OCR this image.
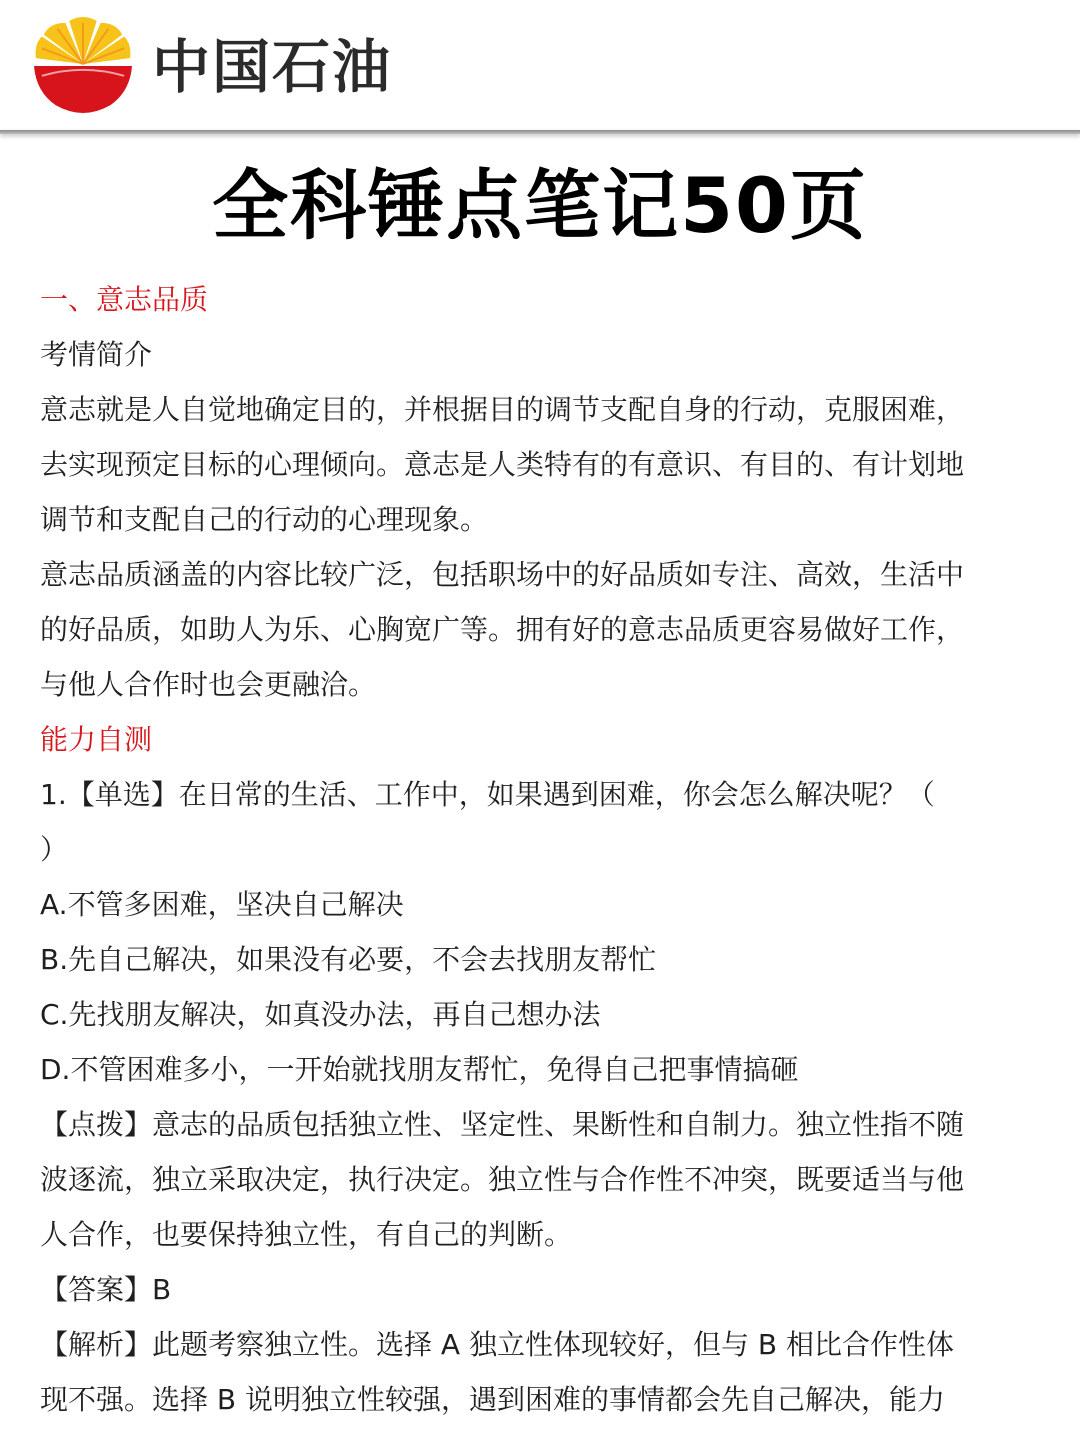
中国石油
全科锤点笔记50页
一、意志品质
考情简介
意志就是人自觉地确定目的，并根据目的调节支配自身的行动，克服困难，
去实现预定目标的心理倾向。意志是人类特有的有意识、有目的、有计划地
调节和支配自己的行动的心理现象。
意志品质涵盖的内容比较广泛，包括职场中的好品质如专注、高效，生活中
的好品质，如助人为乐、心胸宽广等。拥有好的意志品质更容易做好工作，
与他人合作时也会更融洽。
能力自测
1.【单选】在日常的生活、工作中，如果遇到困难，你会怎么解决呢？（
）
A.不管多困难，坚决自己解决
B.先自己解决，如果没有必要，不会去找朋友帮忙
C.先找朋友解决，如真没办法，再自己想办法
D.不管困难多小，一开始就找朋友帮忙，免得自己把事情搞砸
【点拨】意志的品质包括独立性、坚定性、果断性和自制力。独立性指不随
波逐流，独立采取决定，执行决定。独立性与合作性不冲突，既要适当与他
人合作，也要保持独立性，有自己的判断。
【答案】B
【解析】此题考察独立性。选择 A 独立性体现较好，但与 B 相比合作性体
现不强。选择 B 说明独立性较强，遇到困难的事情都会先自己解决，能力
